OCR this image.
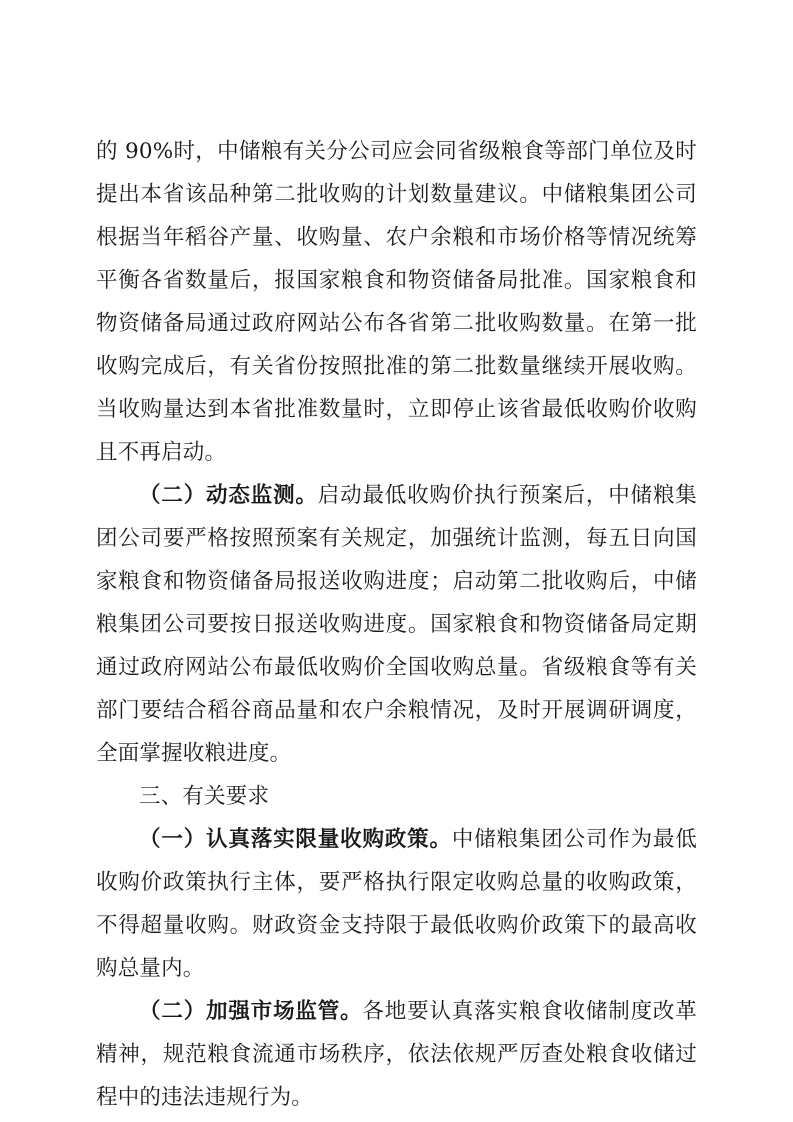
的 90%时，中储粮有关分公司应会同省级粮食等部门单位及时提出本省该品种第二批收购的计划数量建议。中储粮集团公司根据当年稻谷产量、收购量、农户余粮和市场价格等情况统筹平衡各省数量后，报国家粮食和物资储备局批准。国家粮食和物资储备局通过政府网站公布各省第二批收购数量。在第一批收购完成后，有关省份按照批准的第二批数量继续开展收购。当收购量达到本省批准数量时，立即停止该省最低收购价收购且不再启动。

（二）动态监测。启动最低收购价执行预案后，中储粮集团公司要严格按照预案有关规定，加强统计监测，每五日向国家粮食和物资储备局报送收购进度；启动第二批收购后，中储粮集团公司要按日报送收购进度。国家粮食和物资储备局定期通过政府网站公布最低收购价全国收购总量。省级粮食等有关部门要结合稻谷商品量和农户余粮情况，及时开展调研调度，全面掌握收粮进度。

三、有关要求

（一）认真落实限量收购政策。中储粮集团公司作为最低收购价政策执行主体，要严格执行限定收购总量的收购政策，不得超量收购。财政资金支持限于最低收购价政策下的最高收购总量内。

（二）加强市场监管。各地要认真落实粮食收储制度改革精神，规范粮食流通市场秩序，依法依规严厉查处粮食收储过程中的违法违规行为。
